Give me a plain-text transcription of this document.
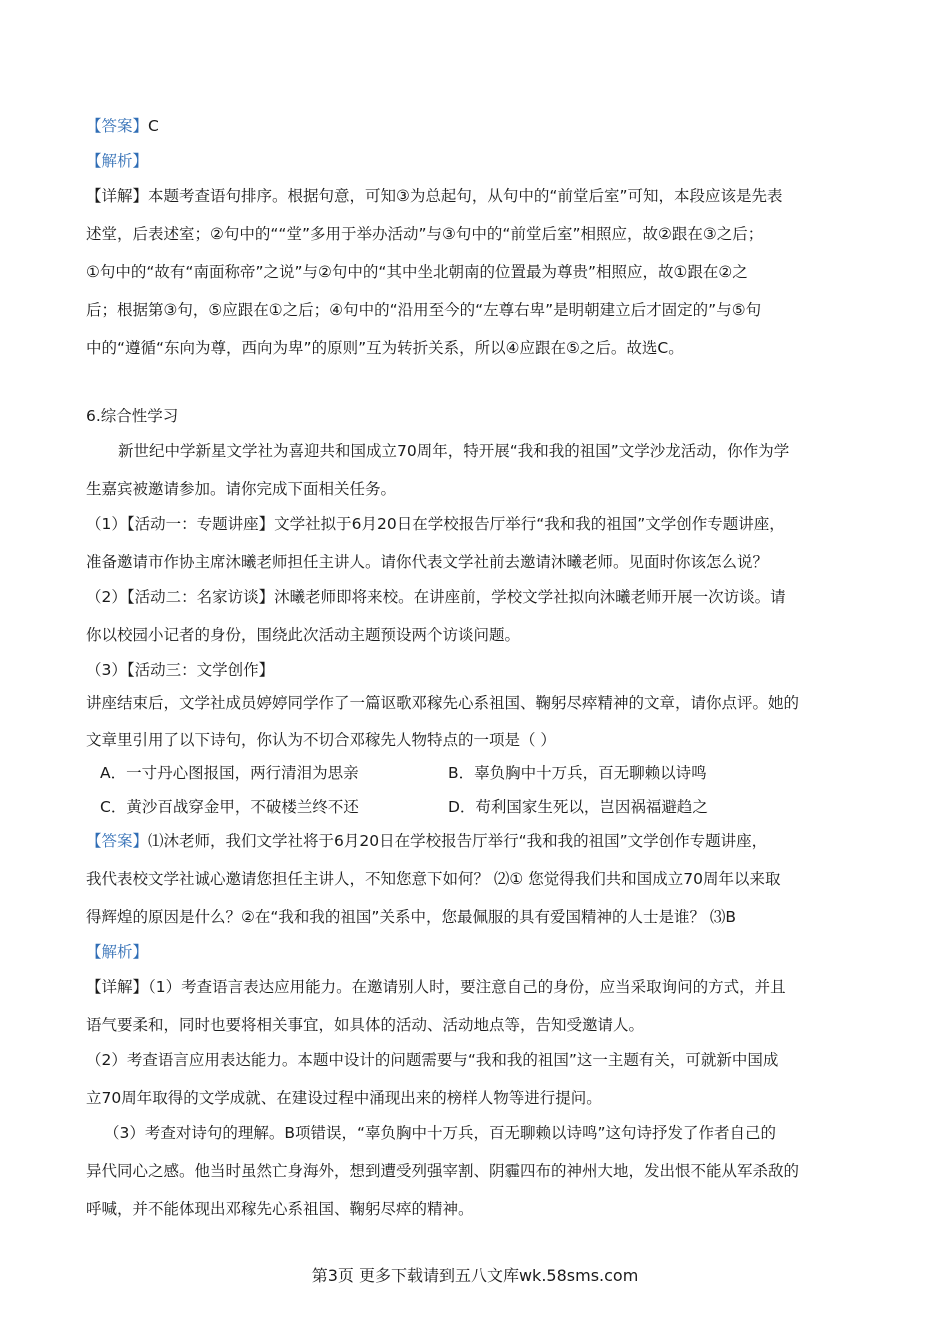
【答案】C
【解析】
【详解】本题考查语句排序。根据句意，可知③为总起句，从句中的“前堂后室”可知，本段应该是先表
述堂，后表述室；②句中的““堂”多用于举办活动”与③句中的“前堂后室”相照应，故②跟在③之后；
①句中的“故有“南面称帝”之说”与②句中的“其中坐北朝南的位置最为尊贵”相照应，故①跟在②之
后；根据第③句，⑤应跟在①之后；④句中的“沿用至今的“左尊右卑”是明朝建立后才固定的”与⑤句
中的“遵循“东向为尊，西向为卑”的原则”互为转折关系，所以④应跟在⑤之后。故选C。
6.综合性学习
新世纪中学新星文学社为喜迎共和国成立70周年，特开展“我和我的祖国”文学沙龙活动，你作为学
生嘉宾被邀请参加。请你完成下面相关任务。
（1）【活动一：专题讲座】文学社拟于6月20日在学校报告厅举行“我和我的祖国”文学创作专题讲座，
准备邀请市作协主席沐曦老师担任主讲人。请你代表文学社前去邀请沐曦老师。见面时你该怎么说？
（2）【活动二：名家访谈】沐曦老师即将来校。在讲座前，学校文学社拟向沐曦老师开展一次访谈。请
你以校园小记者的身份，围绕此次活动主题预设两个访谈问题。
（3）【活动三：文学创作】
讲座结束后，文学社成员婷婷同学作了一篇讴歌邓稼先心系祖国、鞠躬尽瘁精神的文章，请你点评。她的
文章里引用了以下诗句，你认为不切合邓稼先人物特点的一项是（ ）
A．一寸丹心图报国，两行清泪为思亲	B．辜负胸中十万兵，百无聊赖以诗鸣
C．黄沙百战穿金甲，不破楼兰终不还	D．苟利国家生死以，岂因祸福避趋之
【答案】⑴沐老师，我们文学社将于6月20日在学校报告厅举行“我和我的祖国”文学创作专题讲座，
我代表校文学社诚心邀请您担任主讲人，不知您意下如何？ ⑵① 您觉得我们共和国成立70周年以来取
得辉煌的原因是什么？②在“我和我的祖国”关系中，您最佩服的具有爱国精神的人士是谁？ ⑶B
【解析】
【详解】（1）考查语言表达应用能力。在邀请别人时，要注意自己的身份，应当采取询问的方式，并且
语气要柔和，同时也要将相关事宜，如具体的活动、活动地点等，告知受邀请人。
（2）考查语言应用表达能力。本题中设计的问题需要与“我和我的祖国”这一主题有关，可就新中国成
立70周年取得的文学成就、在建设过程中涌现出来的榜样人物等进行提问。
（3）考查对诗句的理解。B项错误，“辜负胸中十万兵，百无聊赖以诗鸣”这句诗抒发了作者自己的
异代同心之感。他当时虽然亡身海外，想到遭受列强宰割、阴霾四布的神州大地，发出恨不能从军杀敌的
呼喊，并不能体现出邓稼先心系祖国、鞠躬尽瘁的精神。
第3页 更多下载请到五八文库wk.58sms.com
